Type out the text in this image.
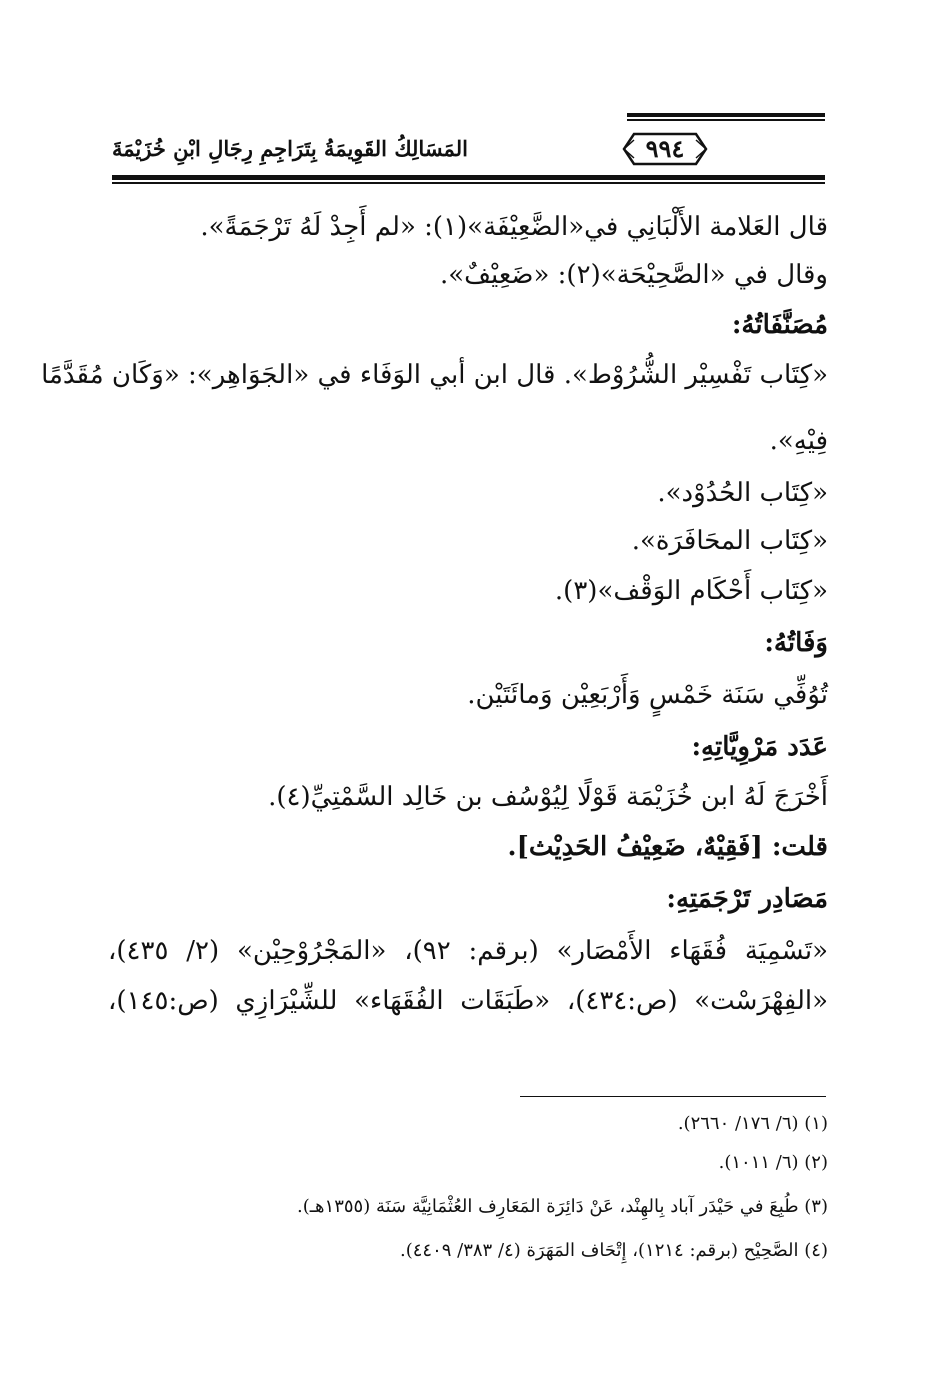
٩٩٤
المَسَالِكُ القَوِيمَةُ بِتَرَاجِمِ رِجَالِ ابْنِ خُزَيْمَةَ
قال العَلامة الأَلْبَانِي في«الضَّعِيْفَة»(١): «لم أَجِدْ لَهُ تَرْجَمَةً».
وقال في «الصَّحِيْحَة»(٢): «ضَعِيْفٌ».
مُصَنَّفَاتُهُ:
«كِتَاب تَفْسِيْر الشُّرُوْط». قال ابن أبي الوَفَاء في «الجَوَاهِر»: «وَكَان مُقَدَّمًا
فِيْهِ».
«كِتَاب الحُدُوْد».
«كِتَاب المحَافَرَة».
«كِتَاب أَحْكَام الوَقْف»(٣).
وَفَاتُهُ:
تُوُفِّي سَنَة خَمْسٍ وَأَرْبَعِيْن وَمائَتَيْن.
عَدَد مَرْوِيَّاتِهِ:
أَخْرَجَ لَهُ ابن خُزَيْمَة قَوْلًا لِيُوْسُف بن خَالِد السَّمْتِيِّ(٤).
قلت: [فَقِيْهٌ، ضَعِيْفُ الحَدِيْث].
مَصَادِر تَرْجَمَتِهِ:
«تَسْمِيَة فُقَهَاء الأَمْصَار» (برقم: ٩٢)، «المَجْرُوْحِيْن» (٢/ ٤٣٥)،
«الفِهْرَسْت» (ص:٤٣٤)، «طَبَقَات الفُقَهَاء» للشِّيْرَازِي (ص:١٤٥)،
(١) (٦/ ١٧٦/ ٢٦٦٠).
(٢) (٦/ ١٠١١).
(٣) طُبِعَ في حَيْدَر آباد بِالهِنْد، عَنْ دَائِرَة المَعَارِف العُثْمَانِيَّة سَنَة (١٣٥٥هـ).
(٤) الصَّحِيْح (برقم: ١٢١٤)، إِتْحَاف المَهَرَة (٤/ ٣٨٣/ ٤٤٠٩).
